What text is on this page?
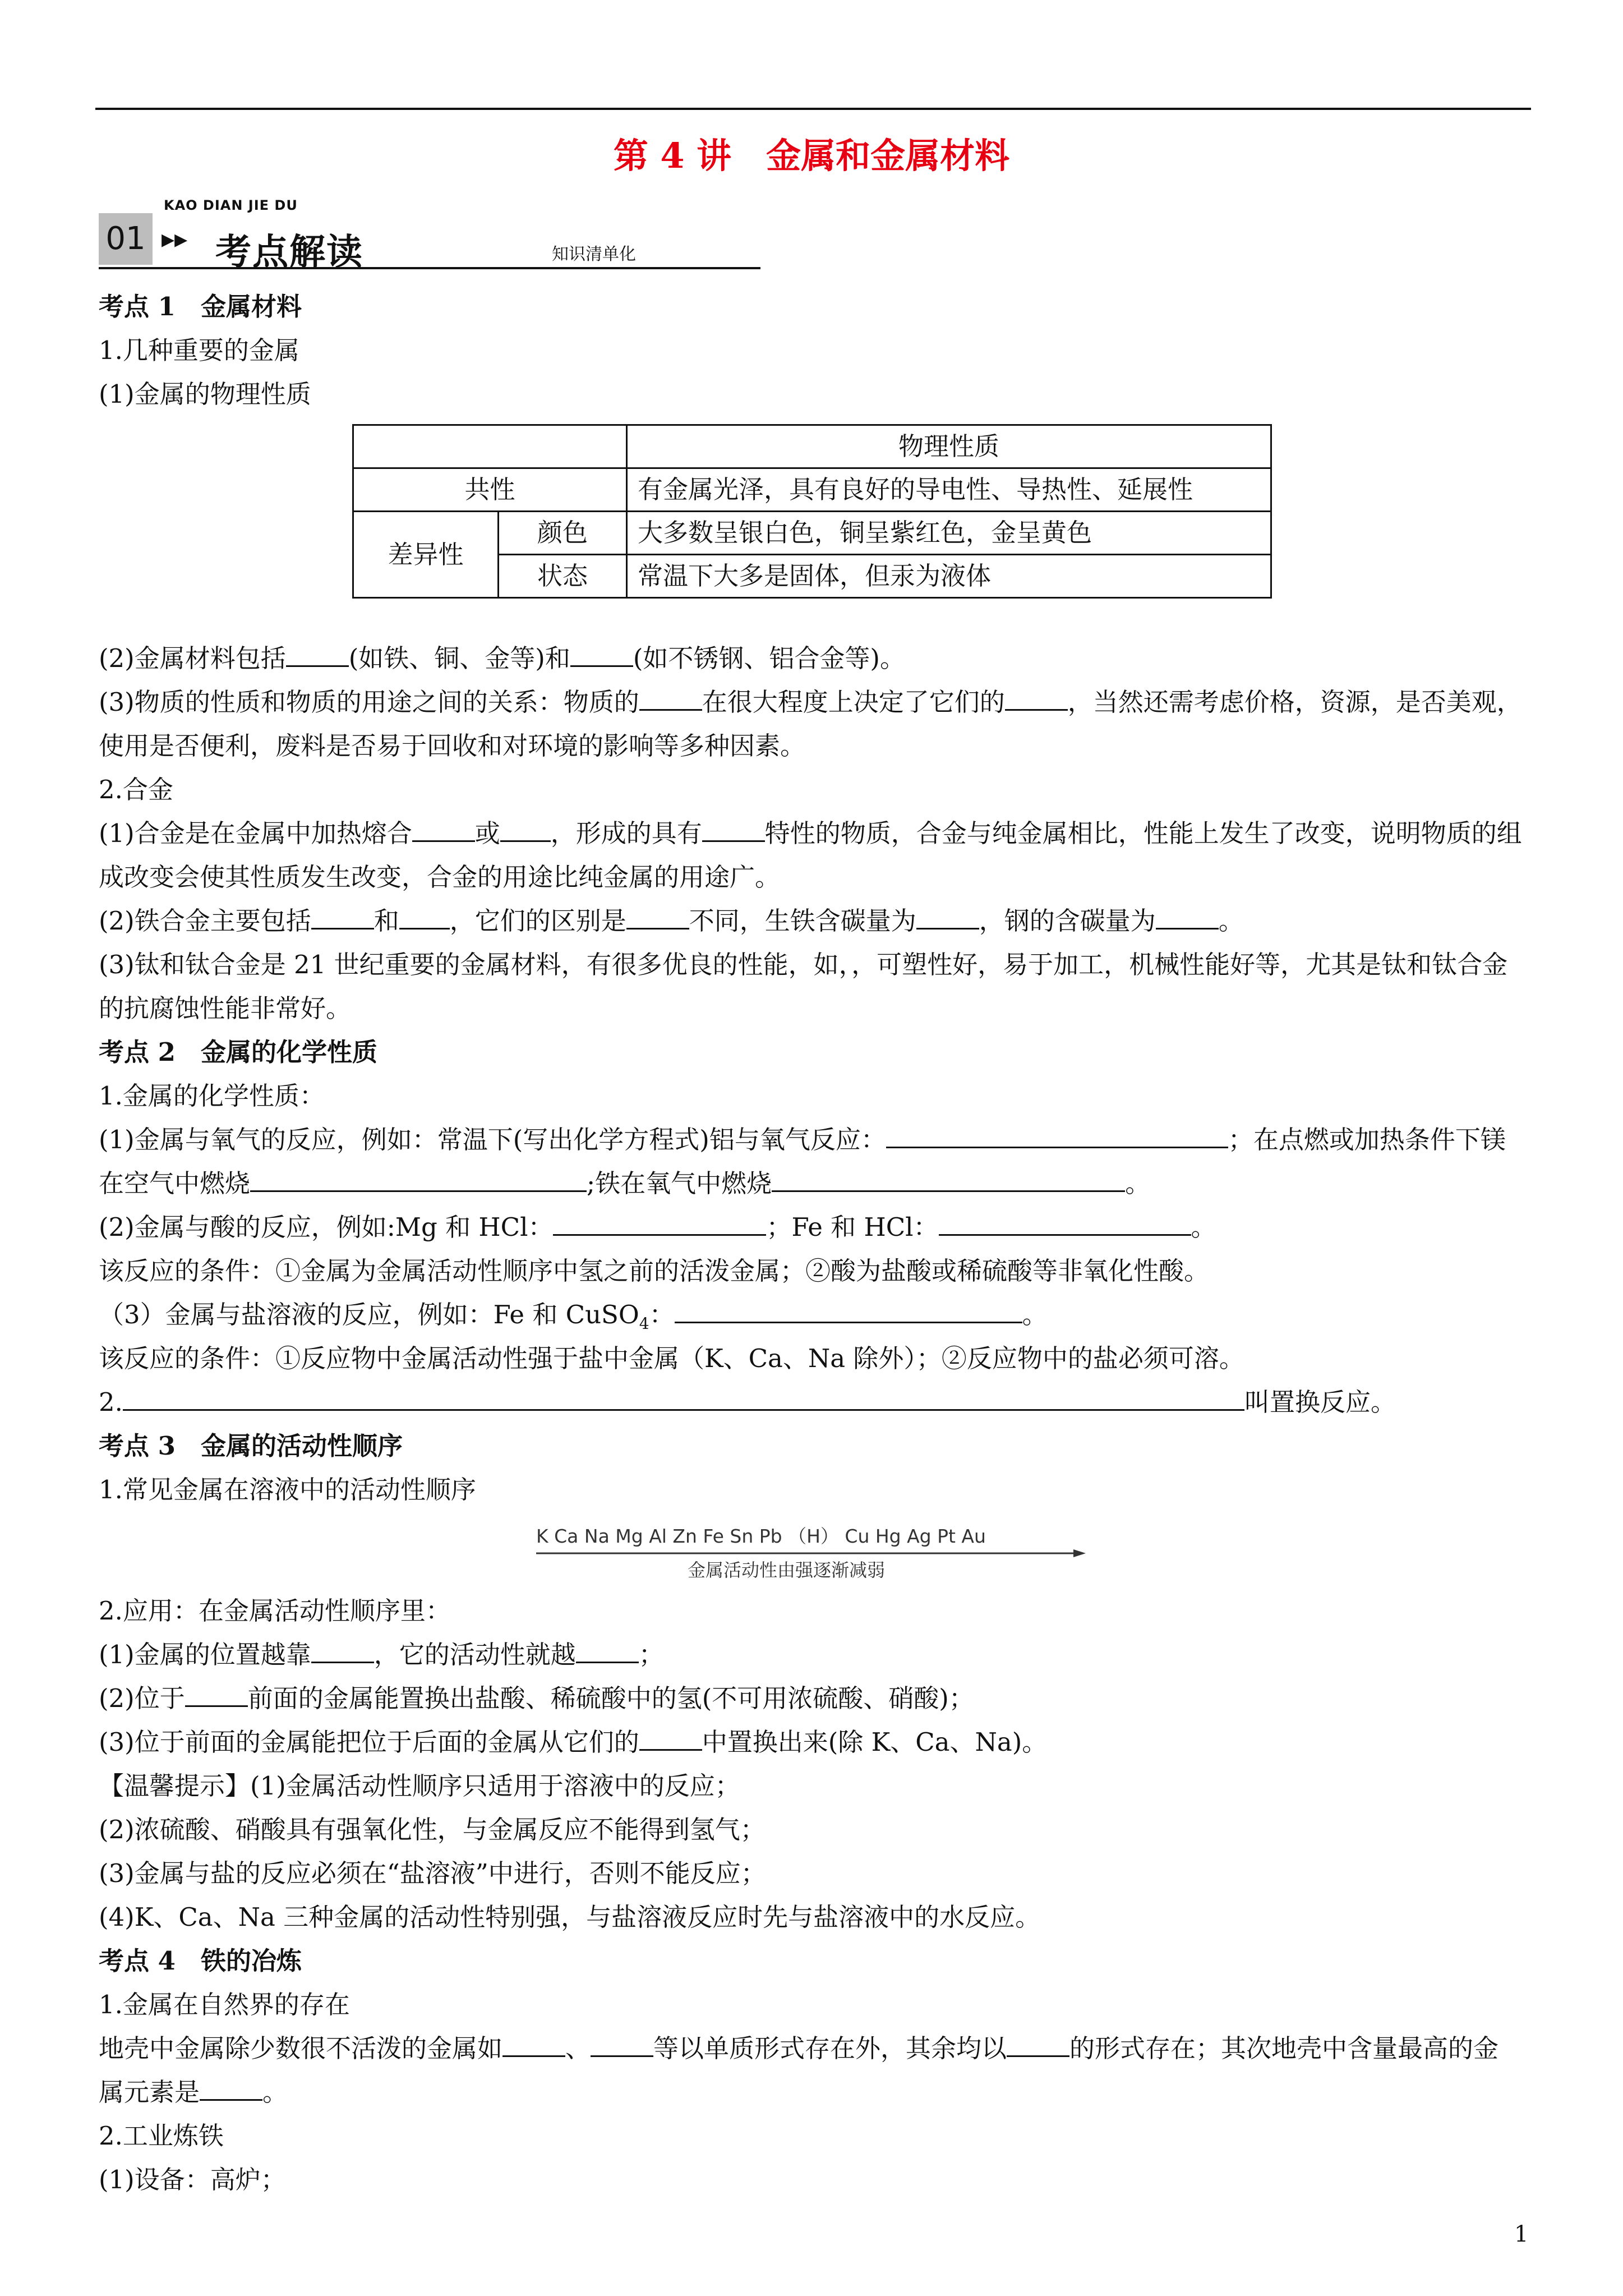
第 4 讲　金属和金属材料
KAO DIAN JIE DU
01 ▶▶ 考点解读	知识清单化

考点 1　金属材料

1.几种重要的金属

(1)金属的物理性质

		物理性质
共性		有金属光泽，具有良好的导电性、导热性、延展性
差异性	颜色	大多数呈银白色，铜呈紫红色，金呈黄色
	状态	常温下大多是固体，但汞为液体

(2)金属材料包括 (如铁、铜、金等)和 (如不锈钢、铝合金等)。

(3)物质的性质和物质的用途之间的关系：物质的 在很大程度上决定了它们的 ，当然还需考虑价格，资源，是否美观，使用是否便利，废料是否易于回收和对环境的影响等多种因素。

2.合金

(1)合金是在金属中加热熔合 或 ，形成的具有 特性的物质，合金与纯金属相比，性能上发生了改变，说明物质的组成改变会使其性质发生改变，合金的用途比纯金属的用途广。

(2)铁合金主要包括 和 ，它们的区别是 不同，生铁含碳量为 ，钢的含碳量为 。

(3)钛和钛合金是 21 世纪重要的金属材料，有很多优良的性能，如，，可塑性好，易于加工，机械性能好等，尤其是钛和钛合金的抗腐蚀性能非常好。

考点 2　金属的化学性质

1.金属的化学性质：

(1)金属与氧气的反应，例如：常温下(写出化学方程式)铝与氧气反应：	；在点燃或加热条件下镁在空气中燃烧	;铁在氧气中燃烧	。

(2)金属与酸的反应，例如:Mg 和 HCl：	；Fe 和 HCl：	。

该反应的条件：①金属为金属活动性顺序中氢之前的活泼金属；②酸为盐酸或稀硫酸等非氧化性酸。

（3）金属与盐溶液的反应，例如：Fe 和 CuSO$_4$：	。

该反应的条件：①反应物中金属活动性强于盐中金属（K、Ca、Na 除外）；②反应物中的盐必须可溶。

2.	叫置换反应。

考点 3　金属的活动性顺序

1.常见金属在溶液中的活动性顺序

K Ca Na Mg Al Zn Fe Sn Pb （H） Cu Hg Ag Pt Au
金属活动性由强逐渐减弱

2.应用：在金属活动性顺序里：

(1)金属的位置越靠 ，它的活动性就越 ；

(2)位于 前面的金属能置换出盐酸、稀硫酸中的氢(不可用浓硫酸、硝酸)；

(3)位于前面的金属能把位于后面的金属从它们的 中置换出来(除 K、Ca、Na)。

【温馨提示】(1)金属活动性顺序只适用于溶液中的反应；

(2)浓硫酸、硝酸具有强氧化性，与金属反应不能得到氢气；

(3)金属与盐的反应必须在“盐溶液”中进行，否则不能反应；

(4)K、Ca、Na 三种金属的活动性特别强，与盐溶液反应时先与盐溶液中的水反应。

考点 4　铁的冶炼

1.金属在自然界的存在

地壳中金属除少数很不活泼的金属如 、 等以单质形式存在外，其余均以 的形式存在；其次地壳中含量最高的金属元素是 。

2.工业炼铁

(1)设备：高炉；

1
